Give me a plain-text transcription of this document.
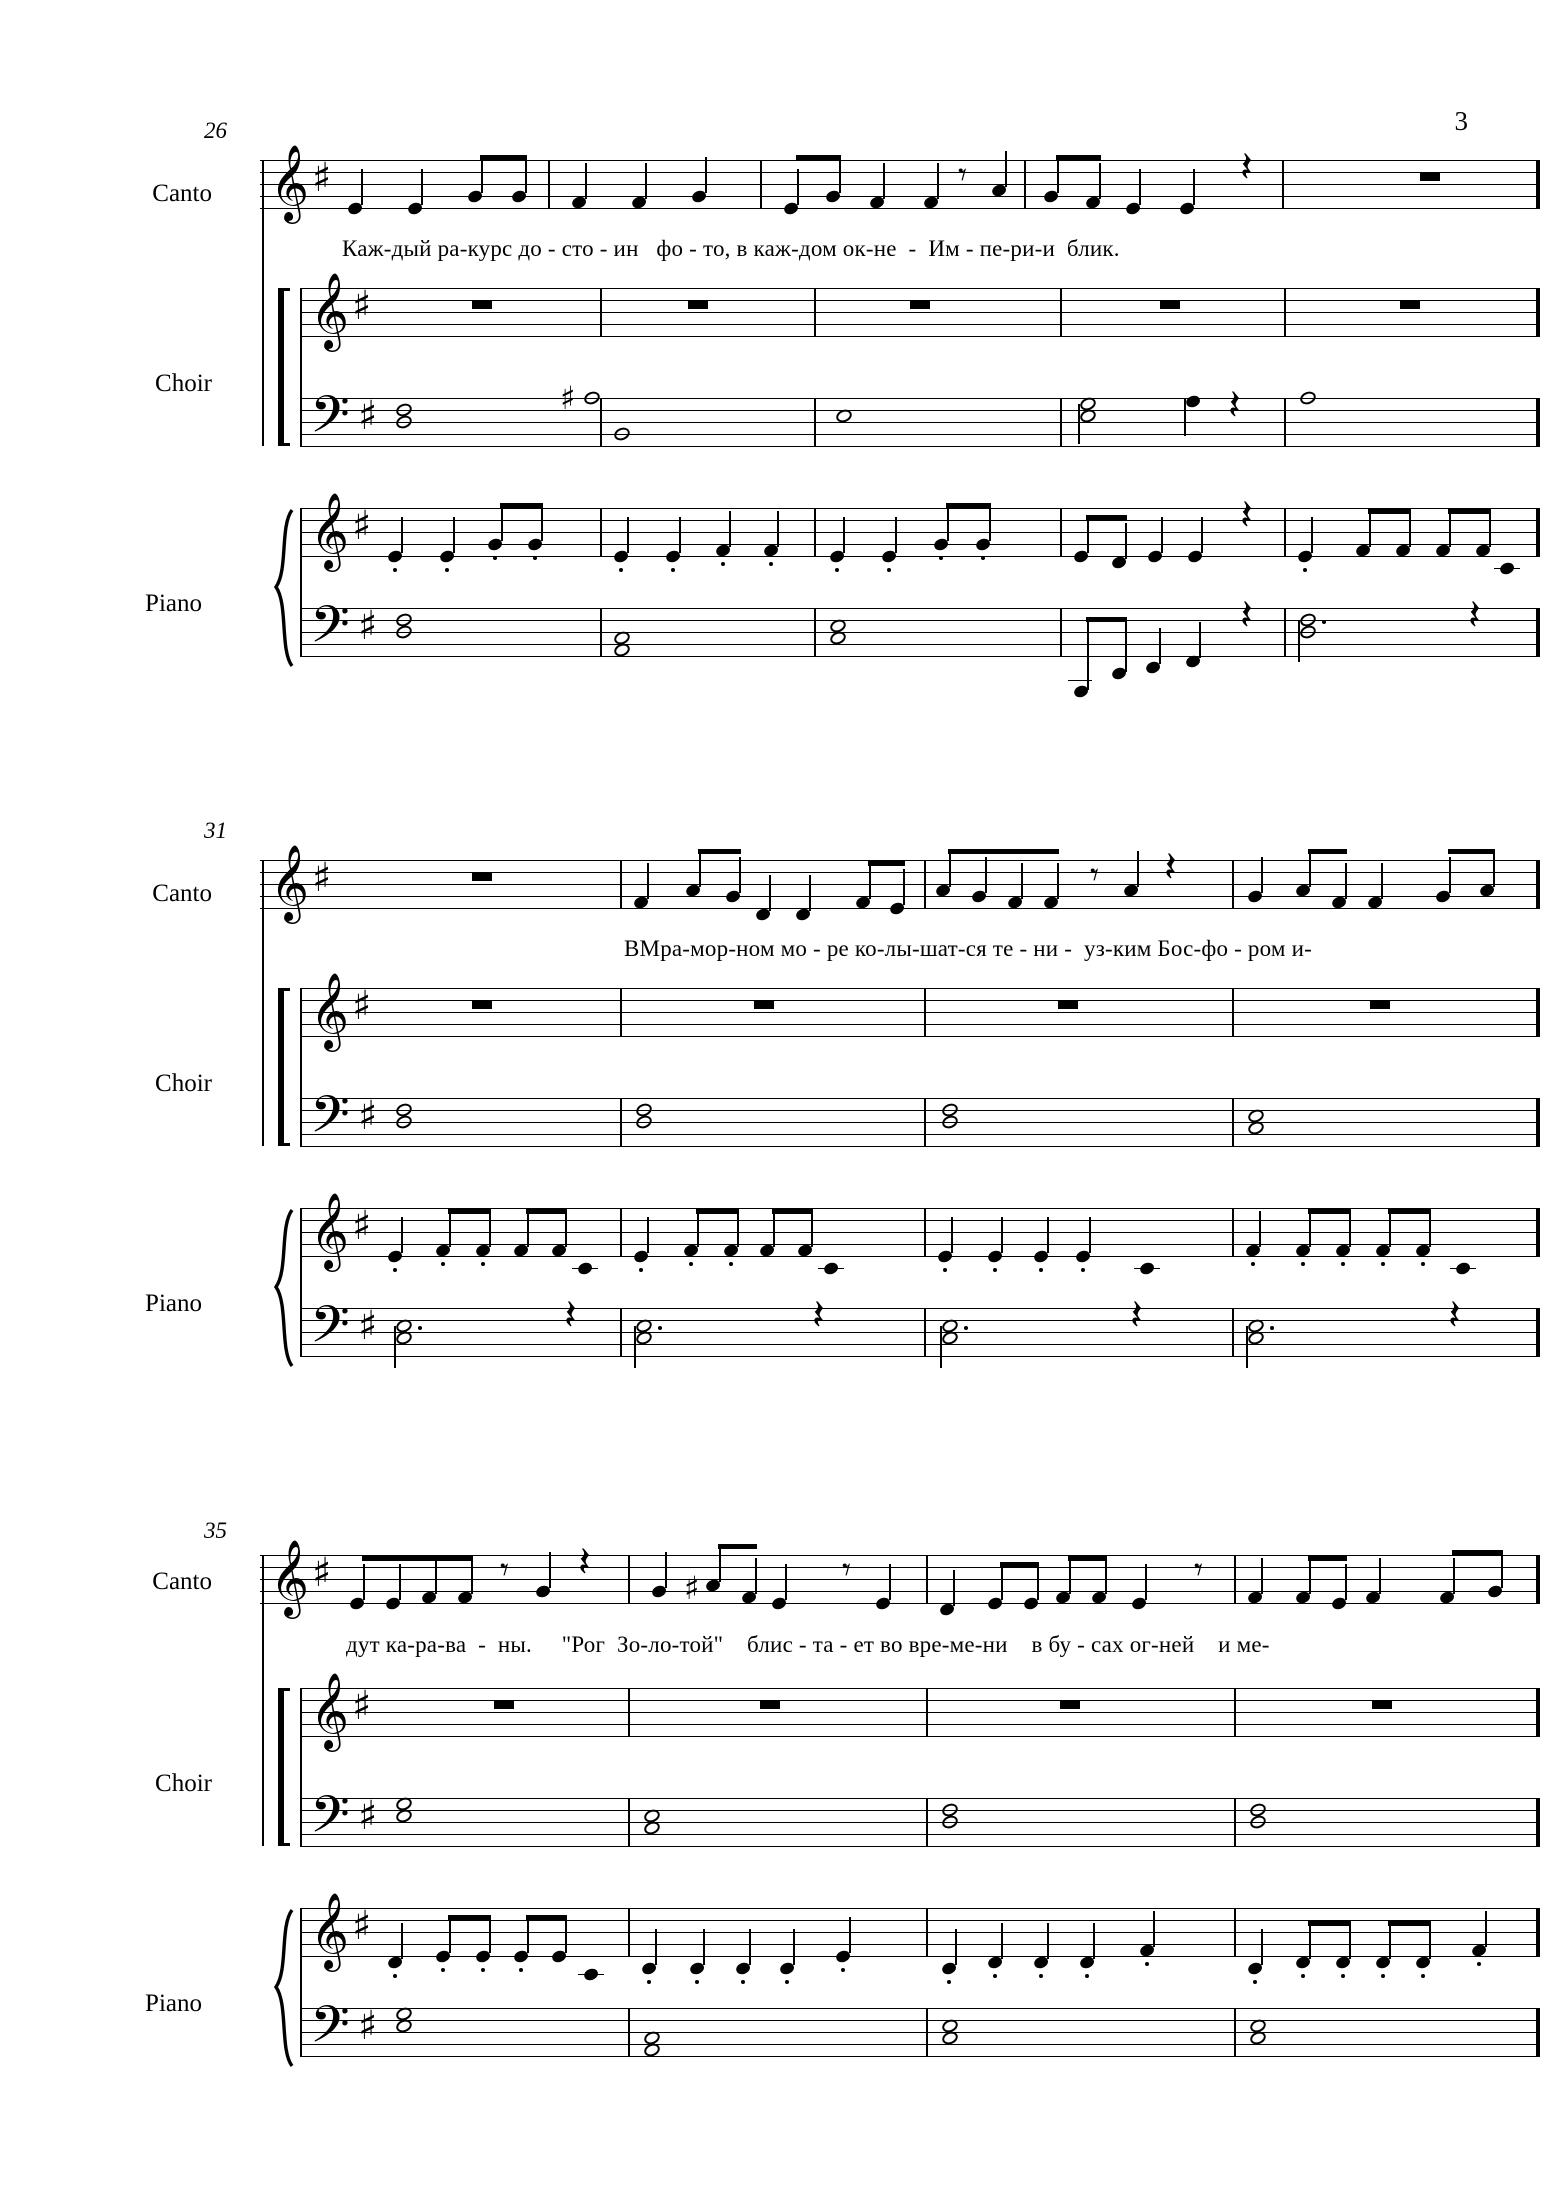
3
26
Canto
Choir
Piano
𝄞 ♯	𝄾	𝄽
Каж-дый ра-курс до - сто - ин   фо - то, в каж-дом ок-не  -  Им - пе-ри-и  блик.
𝄞 ♯
𝄢 ♯	♯	𝄽
𝄞 ♯	𝄽
𝄢 ♯	𝄽	𝄽
31
Canto
Choir
Piano
𝄞 ♯	𝄾 𝄽
ВМра-мор-ном мо - ре ко-лы-шат-ся те - ни -  уз-ким Бос-фо - ром и-
𝄞 ♯
𝄢 ♯
𝄞 ♯
𝄢 ♯	𝄽	𝄽	𝄽	𝄽
35
Canto
Choir
Piano
𝄞 ♯	𝄾 𝄽
♯	𝄾	𝄾
дут ка-ра-ва  -  ны.     "Рог  Зо-ло-той"    блис - та - ет во вре-ме-ни    в бу - сах ог-ней    и ме-
𝄞 ♯
𝄢 ♯
𝄞 ♯
𝄢 ♯
